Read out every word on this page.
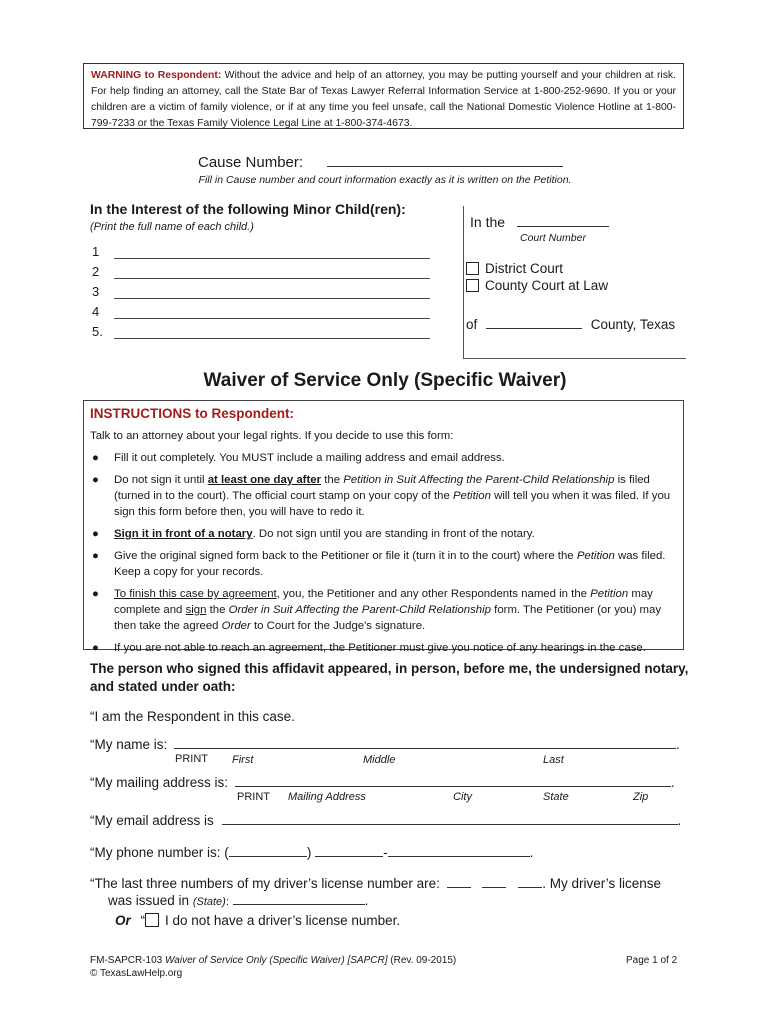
WARNING to Respondent: Without the advice and help of an attorney, you may be putting yourself and your children at risk. For help finding an attorney, call the State Bar of Texas Lawyer Referral Information Service at 1-800-252-9690. If you or your children are a victim of family violence, or if at any time you feel unsafe, call the National Domestic Violence Hotline at 1-800-799-7233 or the Texas Family Violence Legal Line at 1-800-374-4673.
Cause Number:
Fill in Cause number and court information exactly as it is written on the Petition.
In the Interest of the following Minor Child(ren):
(Print the full name of each child.)
1
2
3
4
5.
In the
Court Number
District Court
County Court at Law
of	County, Texas
Waiver of Service Only (Specific Waiver)
INSTRUCTIONS to Respondent:
Talk to an attorney about your legal rights. If you decide to use this form:
● Fill it out completely. You MUST include a mailing address and email address.
● Do not sign it until at least one day after the Petition in Suit Affecting the Parent-Child Relationship is filed (turned in to the court). The official court stamp on your copy of the Petition will tell you when it was filed. If you sign this form before then, you will have to redo it.
● Sign it in front of a notary. Do not sign until you are standing in front of the notary.
● Give the original signed form back to the Petitioner or file it (turn it in to the court) where the Petition was filed. Keep a copy for your records.
● To finish this case by agreement, you, the Petitioner and any other Respondents named in the Petition may complete and sign the Order in Suit Affecting the Parent-Child Relationship form. The Petitioner (or you) may then take the agreed Order to Court for the Judge's signature.
● If you are not able to reach an agreement, the Petitioner must give you notice of any hearings in the case.
The person who signed this affidavit appeared, in person, before me, the undersigned notary, and stated under oath:
“I am the Respondent in this case.
“My name is:	.
PRINT First	Middle	Last
“My mailing address is:	.
PRINT Mailing Address	City	State	Zip
“My email address is	.
“My phone number is: (	)	-	.
“The last three numbers of my driver’s license number are:	. My driver’s license
was issued in (State):	.
Or “ I do not have a driver’s license number.
FM-SAPCR-103 Waiver of Service Only (Specific Waiver) [SAPCR] (Rev. 09-2015)
© TexasLawHelp.org
Page 1 of 2
